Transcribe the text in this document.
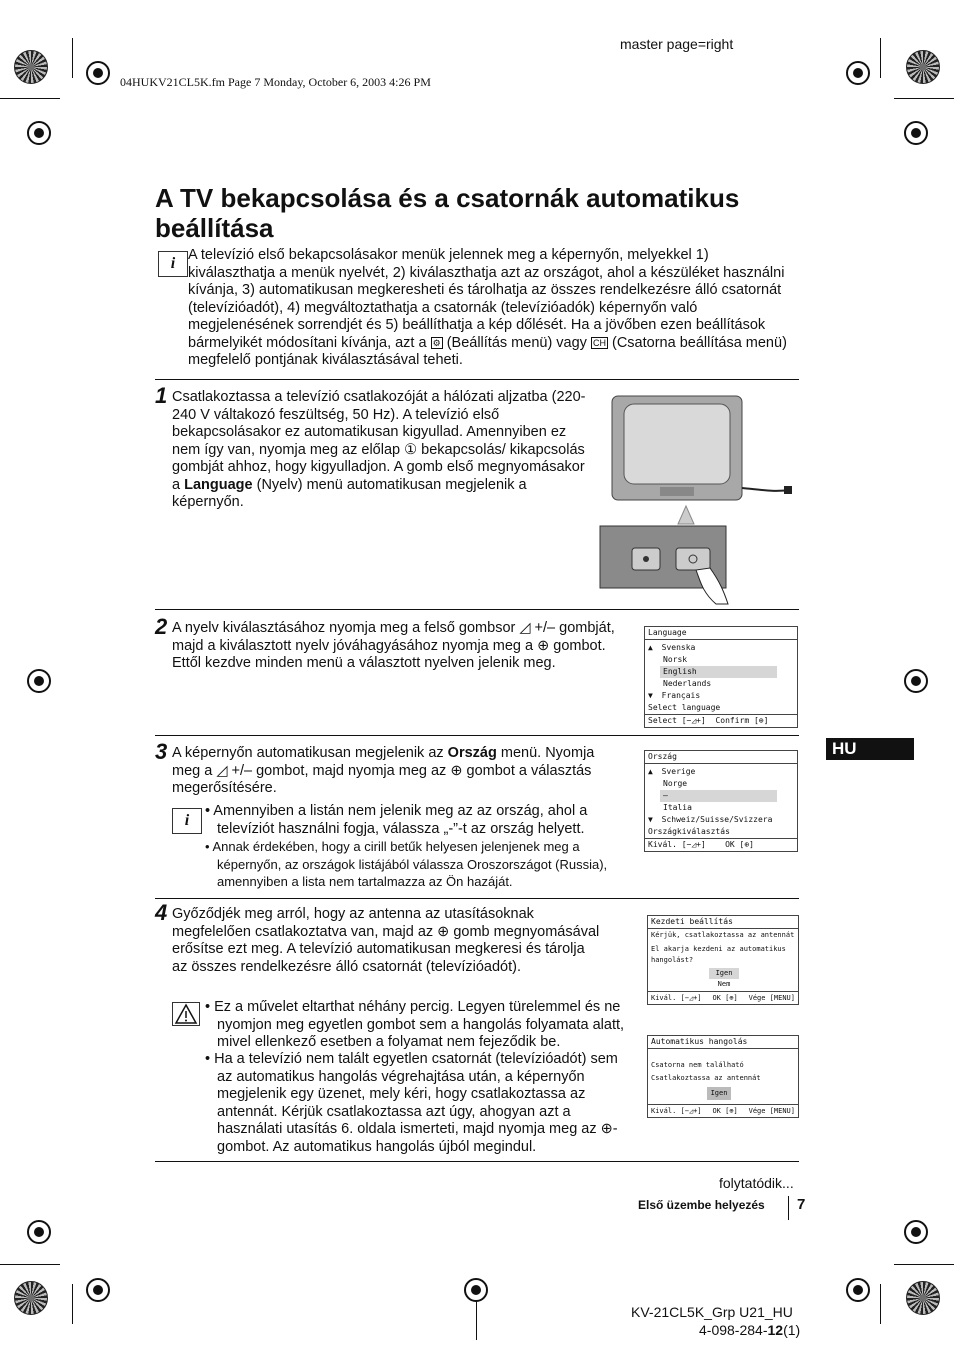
master page=right
04HUKV21CL5K.fm Page 7 Monday, October 6, 2003 4:26 PM
A TV bekapcsolása és a csatornák automatikus beállítása
i A televízió első bekapcsolásakor menük jelennek meg a képernyőn, melyekkel 1) kiválaszthatja a menük nyelvét, 2) kiválaszthatja azt az országot, ahol a készüléket használni kívánja, 3) automatikusan megkeresheti és tárolhatja az összes rendelkezésre álló csatornát (televízióadót), 4) megváltoztathatja a csatornák (televízióadók) képernyőn való megjelenésének sorrendjét és 5) beállíthatja a kép dőlését. Ha a jövőben ezen beállítások bármelyikét módosítani kívánja, azt a ⚙ (Beállítás menü) vagy CH (Csatorna beállítása menü) megfelelő pontjának kiválasztásával teheti.
1 Csatlakoztassa a televízió csatlakozóját a hálózati aljzatba (220-240 V váltakozó feszültség, 50 Hz). A televízió első bekapcsolásakor ez automatikusan kigyullad. Amennyiben ez nem így van, nyomja meg az előlap ① bekapcsolás/ kikapcsolás gombját ahhoz, hogy kigyulladjon. A gomb első megnyomásakor a Language (Nyelv) menü automatikusan megjelenik a képernyőn.
2 A nyelv kiválasztásához nyomja meg a felső gombsor ◿ +/– gombját, majd a kiválasztott nyelv jóváhagyásához nyomja meg a ⊕ gombot. Ettől kezdve minden menü a választott nyelven jelenik meg.
Language
▲ Svenska
Norsk
English
Nederlands
▼ Français
Select language
Select [−◿+] Confirm [⊕]
3 A képernyőn automatikusan megjelenik az Ország menü. Nyomja meg a ◿ +/– gombot, majd nyomja meg az ⊕ gombot a választás megerősítésére.
i
• Amennyiben a listán nem jelenik meg az az ország, ahol a televíziót használni fogja, válassza „-”-t az ország helyett.
• Annak érdekében, hogy a cirill betűk helyesen jelenjenek meg a képernyőn, az országok listájából válassza Oroszországot (Russia), amennyiben a lista nem tartalmazza az Ön hazáját.
Ország
▲ Sverige
Norge
–
Italia
▼ Schweiz/Suisse/Svizzera
Országkiválasztás
Kivál. [−◿+] OK [⊕]
HU
4 Győződjék meg arról, hogy az antenna az utasításoknak megfelelően csatlakoztatva van, majd az ⊕ gomb megnyomásával erősítse ezt meg. A televízió automatikusan megkeresi és tárolja az összes rendelkezésre álló csatornát (televízióadót).
• Ez a művelet eltarthat néhány percig. Legyen türelemmel és ne nyomjon meg egyetlen gombot sem a hangolás folyamata alatt, mivel ellenkező esetben a folyamat nem fejeződik be.
• Ha a televízió nem talált egyetlen csatornát (televízióadót) sem az automatikus hangolás végrehajtása után, a képernyőn megjelenik egy üzenet, mely kéri, hogy csatlakoztassa az antennát. Kérjük csatlakoztassa azt úgy, ahogyan azt a használati utasítás 6. oldala ismerteti, majd nyomja meg az ⊕-gombot. Az automatikus hangolás újból megindul.
Kezdeti beállítás
Kérjük, csatlakoztassa az antennát
El akarja kezdeni az automatikus hangolást?
Igen
Nem
Kivál. [−◿+] OK [⊕] Vége [MENU]
Automatikus hangolás
Csatorna nem található
Csatlakoztassa az antennát
Igen
Kivál. [−◿+] OK [⊕] Vége [MENU]
folytatódik...
Első üzembe helyezés 7
KV-21CL5K_Grp U21_HU
4-098-284-12(1)
